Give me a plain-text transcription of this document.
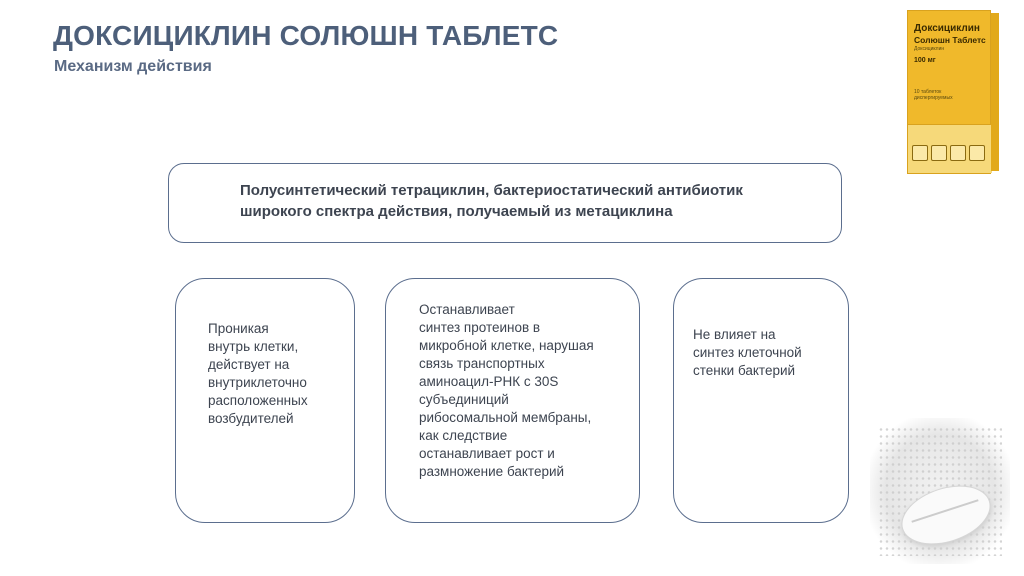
ДОКСИЦИКЛИН СОЛЮШН ТАБЛЕТС
Механизм действия
Доксициклин
Солюшн Таблетс
Доксициклин
100 мг
10 таблеток
диспергируемых
Полусинтетический тетрациклин, бактериостатический антибиотик
широкого спектра действия, получаемый из метациклина
Проникая
внутрь клетки,
действует на
внутриклеточно
расположенных
возбудителей
Останавливает
синтез протеинов в
микробной клетке, нарушая
связь транспортных
аминоацил-РНК с 30S
субъединиций
рибосомальной мембраны,
как следствие
останавливает рост и
размножение бактерий
Не влияет на
синтез клеточной
стенки бактерий
